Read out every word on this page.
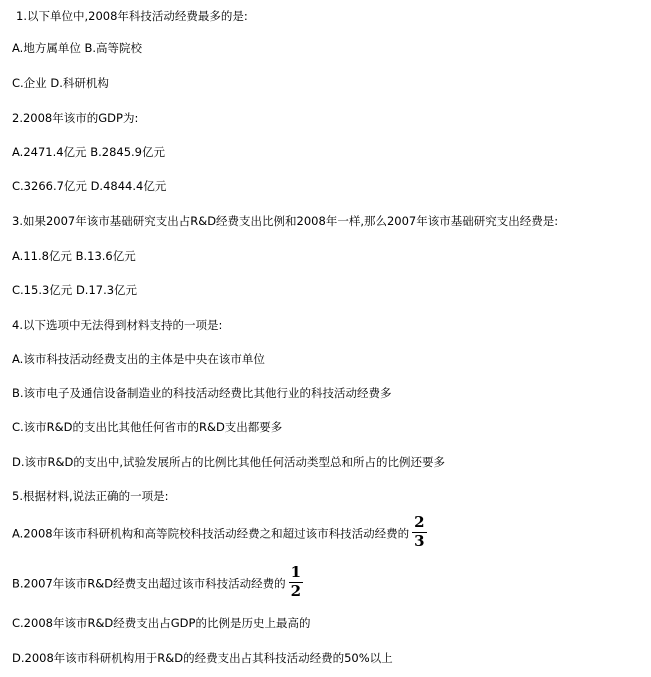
1.以下单位中,2008年科技活动经费最多的是:
A.地方属单位 B.高等院校
C.企业 D.科研机构
2.2008年该市的GDP为:
A.2471.4亿元 B.2845.9亿元
C.3266.7亿元 D.4844.4亿元
3.如果2007年该市基础研究支出占R&D经费支出比例和2008年一样,那么2007年该市基础研究支出经费是:
A.11.8亿元 B.13.6亿元
C.15.3亿元 D.17.3亿元
4.以下选项中无法得到材料支持的一项是:
A.该市科技活动经费支出的主体是中央在该市单位
B.该市电子及通信设备制造业的科技活动经费比其他行业的科技活动经费多
C.该市R&D的支出比其他任何省市的R&D支出都要多
D.该市R&D的支出中,试验发展所占的比例比其他任何活动类型总和所占的比例还要多
5.根据材料,说法正确的一项是:
A.2008年该市科研机构和高等院校科技活动经费之和超过该市科技活动经费的 $\frac{2}{3}$
B.2007年该市R&D经费支出超过该市科技活动经费的 $\frac{1}{2}$
C.2008年该市R&D经费支出占GDP的比例是历史上最高的
D.2008年该市科研机构用于R&D的经费支出占其科技活动经费的50%以上
